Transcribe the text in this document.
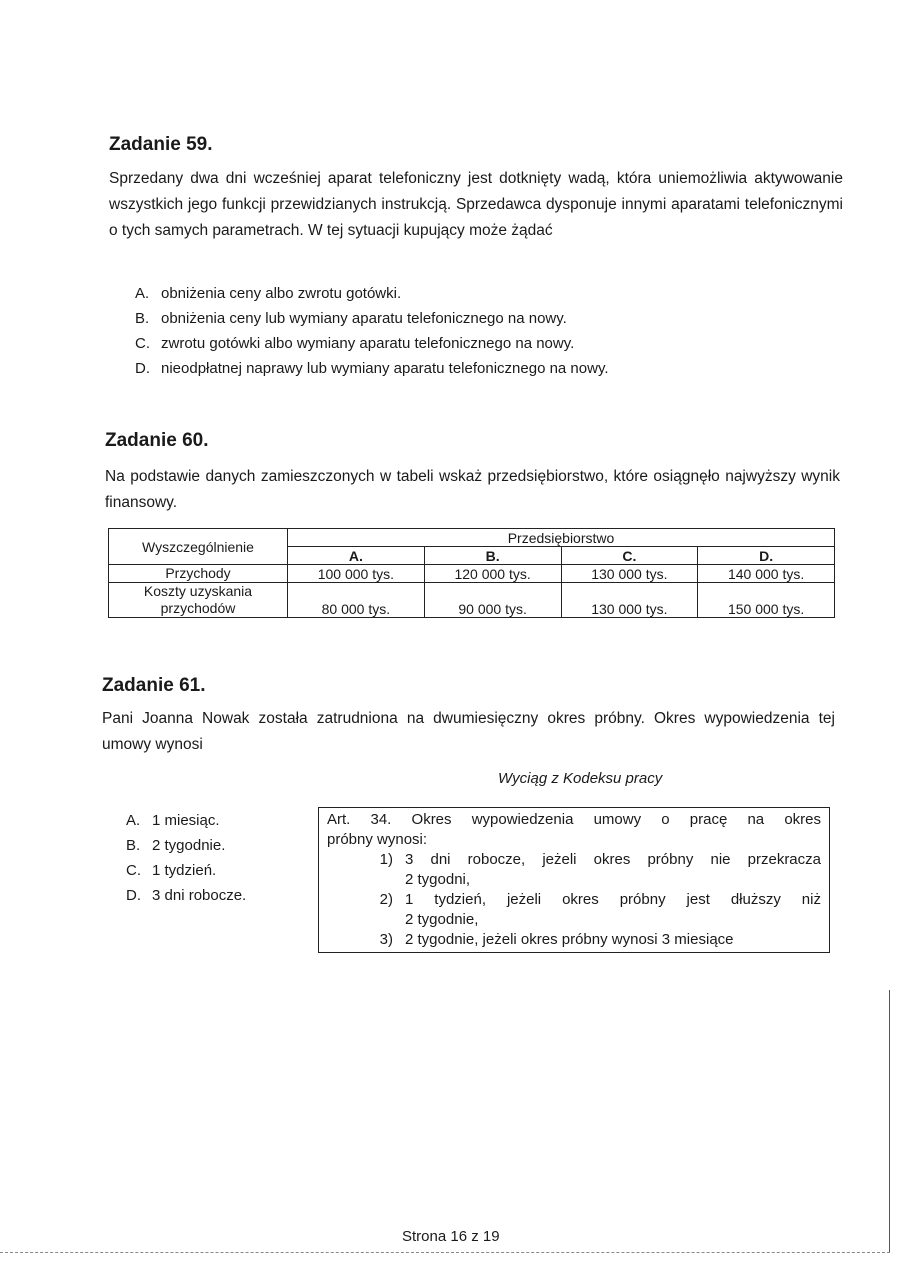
Zadanie 59.
Sprzedany dwa dni wcześniej aparat telefoniczny jest dotknięty wadą, która uniemożliwia aktywowanie wszystkich jego funkcji przewidzianych instrukcją. Sprzedawca dysponuje innymi aparatami telefonicznymi o tych samych parametrach. W tej sytuacji kupujący może żądać
A. obniżenia ceny albo zwrotu gotówki.
B. obniżenia ceny lub wymiany aparatu telefonicznego na nowy.
C. zwrotu gotówki albo wymiany aparatu telefonicznego na nowy.
D. nieodpłatnej naprawy lub wymiany aparatu telefonicznego na nowy.
Zadanie 60.
Na podstawie danych zamieszczonych w tabeli wskaż przedsiębiorstwo, które osiągnęło najwyższy wynik finansowy.
Wyszczególnienie	Przedsiębiorstwo			
	A.	B.	C.	D.
Przychody	100 000 tys.	120 000 tys.	130 000 tys.	140 000 tys.

Koszty uzyskania
przychodów	80 000 tys.	90 000 tys.	130 000 tys.	150 000 tys.
Zadanie 61.
Pani Joanna Nowak została zatrudniona na dwumiesięczny okres próbny. Okres wypowiedzenia tej umowy wynosi
Wyciąg z Kodeksu pracy
A. 1 miesiąc.
B. 2 tygodnie.
C. 1 tydzień.
D. 3 dni robocze.
Art. 34. Okres wypowiedzenia umowy o pracę na okres
próbny wynosi:
1) 3 dni robocze, jeżeli okres próbny nie przekracza
2 tygodni,
2) 1 tydzień, jeżeli okres próbny jest dłuższy niż
2 tygodnie,
3) 2 tygodnie, jeżeli okres próbny wynosi 3 miesiące
Strona 16 z 19
